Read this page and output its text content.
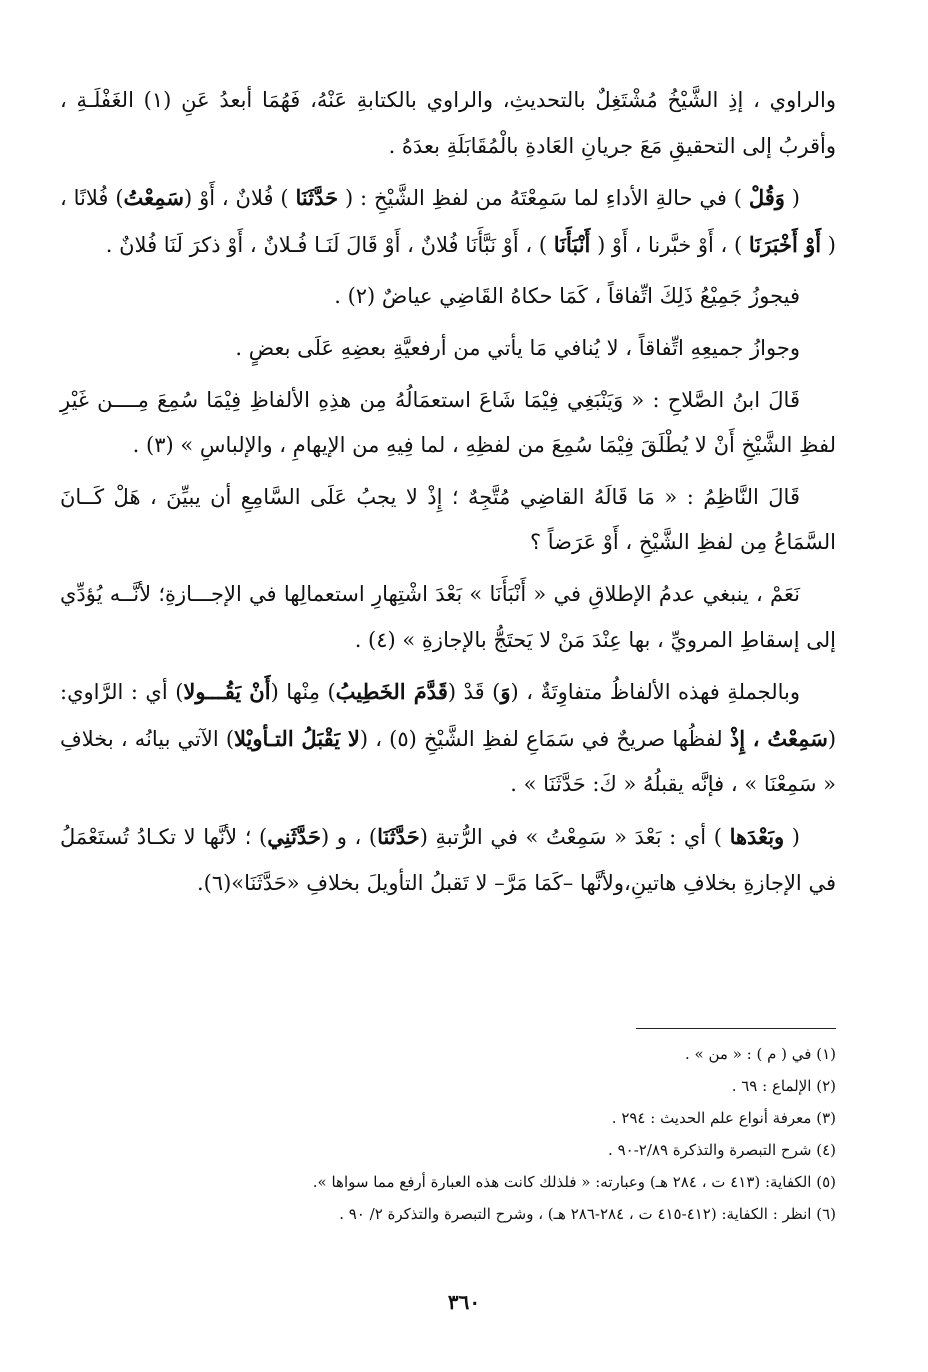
والراوي ، إذِ الشَّيْخُ مُشْتَغِلٌ بالتحديثِ، والراوي بالكتابةِ عَنْهُ، فَهُمَا أبعدُ عَنِ (١) الغَفْلَـةِ ، وأقربُ إلى التحقيقِ مَعَ جريانِ العَادةِ بالْمُقَابَلَةِ بعدَهُ .

( وَقُلْ ) في حالةِ الأداءِ لما سَمِعْتَهُ من لفظِ الشَّيْخِ : ( حَدَّثَنَا ) فُلانٌ ، أَوْ (سَمِعْتُ) فُلانًا ، ( أَوْ أَخْبَرَنَا ) ، أَوْ خبَّرنا ، أَوْ ( أَنْبَأَنَا ) ، أَوْ نَبَّأَنَا فُلانٌ ، أَوْ قَالَ لَنَـا فُـلانٌ ، أَوْ ذكرَ لَنَا فُلانٌ .

فيجوزُ جَمِيْعُ ذَلِكَ اتِّفاقاً ، كَمَا حكاهُ القَاضِي عياضٌ (٢) .

وجوازُ جميعِهِ اتِّفاقاً ، لا يُنافي مَا يأتي من أرفعيَّةِ بعضِهِ عَلَى بعضٍ .

قَالَ ابنُ الصَّلاحِ : « وَيَنْبَغِي فِيْمَا شَاعَ استعمَالُهُ مِن هذِهِ الألفاظِ فِيْمَا سُمِعَ مِــــن غَيْرِ لفظِ الشَّيْخِ أَنْ لا يُطْلَقَ فِيْمَا سُمِعَ من لفظِهِ ، لما فِيهِ من الإيهامِ ، والإلباسِ » (٣) .

قَالَ النَّاظِمُ : « مَا قَالَهُ القاضِي مُتَّجِهٌ ؛ إِذْ لا يجبُ عَلَى السَّامِعِ أن يبيِّنَ ، هَلْ كَــانَ السَّمَاعُ مِن لفظِ الشَّيْخِ ، أَوْ عَرَضاً ؟

نَعَمْ ، ينبغي عدمُ الإطلاقِ في « أَنْبَأَنَا » بَعْدَ اشْتِهارِ استعمالِها في الإجـــازةِ؛ لأنَّــه يُؤدِّي إلى إسقاطِ المرويِّ ، بها عِنْدَ مَنْ لا يَحتَجُّ بالإجازةِ » (٤) .

وبالجملةِ فهذه الألفاظُ متفاوِتَةٌ ، (وَ) قَدْ (قَدَّمَ الخَطِيبُ) مِنْها (أَنْ يَقُـــولا) أي : الرَّاوي: (سَمِعْتُ ، إِذْ لفظُها صريحٌ في سَمَاعِ لفظِ الشَّيْخِ (٥) ، (لا يَقْبَلُ التـأويْلا) الآتي بيانُه ، بخلافِ « سَمِعْنَا » ، فإنَّه يقبلُهُ « كَ: حَدَّثَنَا » .

( وبَعْدَها ) أي : بَعْدَ « سَمِعْتُ » في الرُّتبةِ (حَدَّثَنَا) ، و (حَدَّثَنِي) ؛ لأنَّها لا تكـادُ تُستَعْمَلُ في الإجازةِ بخلافِ هاتينِ،ولأنَّها –كَمَا مَرَّ– لا تَقبلُ التأويلَ بخلافِ «حَدَّثَنَا»(٦).

(١) في ( م ) : « من » .
(٢) الإلماع : ٦٩ .
(٣) معرفة أنواع علم الحديث : ٢٩٤ .
(٤) شرح التبصرة والتذكرة ٢/٨٩-٩٠ .
(٥) الكفاية: (٤١٣ ت ، ٢٨٤ هـ) وعبارته: « فلذلك كانت هذه العبارة أرفع مما سواها ».
(٦) انظر : الكفاية: (٤١٢-٤١٥ ت ، ٢٨٤-٢٨٦ هـ) ، وشرح التبصرة والتذكرة ٢/ ٩٠ .
٣٦٠
